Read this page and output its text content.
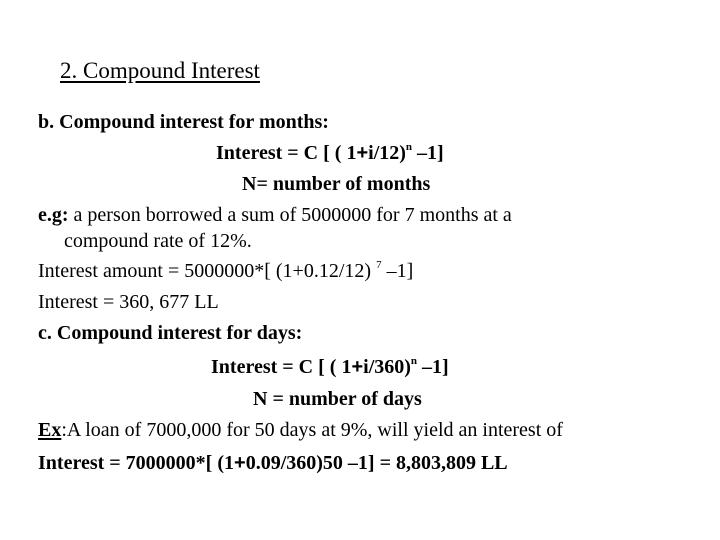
2. Compound Interest
b. Compound interest for months:
Interest = C [ ( 1+i/12)$^n$ –1]
N= number of months
e.g: a person borrowed a sum of 5000000 for 7 months at a
compound rate of 12%.
Interest amount = 5000000*[ (1+0.12/12) $^7$ –1]
Interest = 360, 677 LL
c. Compound interest for days:
Interest = C [ ( 1+i/360)$^n$ –1]
N = number of days
Ex:A loan of 7000,000 for 50 days at 9%, will yield an interest of
Interest = 7000000*[ (1+0.09/360)50 –1] = 8,803,809 LL
